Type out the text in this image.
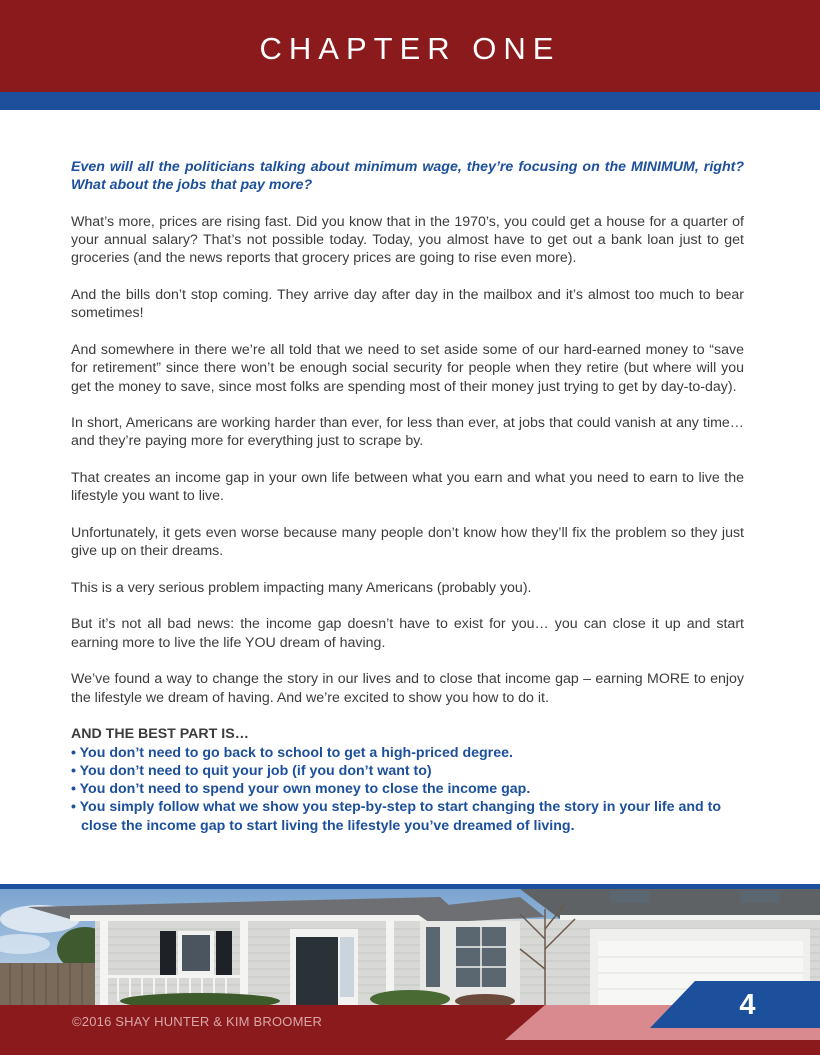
CHAPTER ONE

Even will all the politicians talking about minimum wage, they’re focusing on the MINIMUM, right? What about the jobs that pay more?

What’s more, prices are rising fast. Did you know that in the 1970’s, you could get a house for a quarter of your annual salary? That’s not possible today. Today, you almost have to get out a bank loan just to get groceries (and the news reports that grocery prices are going to rise even more).

And the bills don’t stop coming. They arrive day after day in the mailbox and it’s almost too much to bear sometimes!

And somewhere in there we’re all told that we need to set aside some of our hard-earned money to “save for retirement” since there won’t be enough social security for people when they retire (but where will you get the money to save, since most folks are spending most of their money just trying to get by day-to-day).

In short, Americans are working harder than ever, for less than ever, at jobs that could vanish at any time… and they’re paying more for everything just to scrape by.

That creates an income gap in your own life between what you earn and what you need to earn to live the lifestyle you want to live.

Unfortunately, it gets even worse because many people don’t know how they’ll fix the problem so they just give up on their dreams.

This is a very serious problem impacting many Americans (probably you).

But it’s not all bad news: the income gap doesn’t have to exist for you… you can close it up and start earning more to live the life YOU dream of having.

We’ve found a way to change the story in our lives and to close that income gap – earning MORE to enjoy the lifestyle we dream of having. And we’re excited to show you how to do it.

AND THE BEST PART IS…
• You don’t need to go back to school to get a high-priced degree.
• You don’t need to quit your job (if you don’t want to)
• You don’t need to spend your own money to close the income gap.
• You simply follow what we show you step-by-step to start changing the story in your life and to close the income gap to start living the lifestyle you’ve dreamed of living.
©2016 SHAY HUNTER & KIM BROOMER
4
